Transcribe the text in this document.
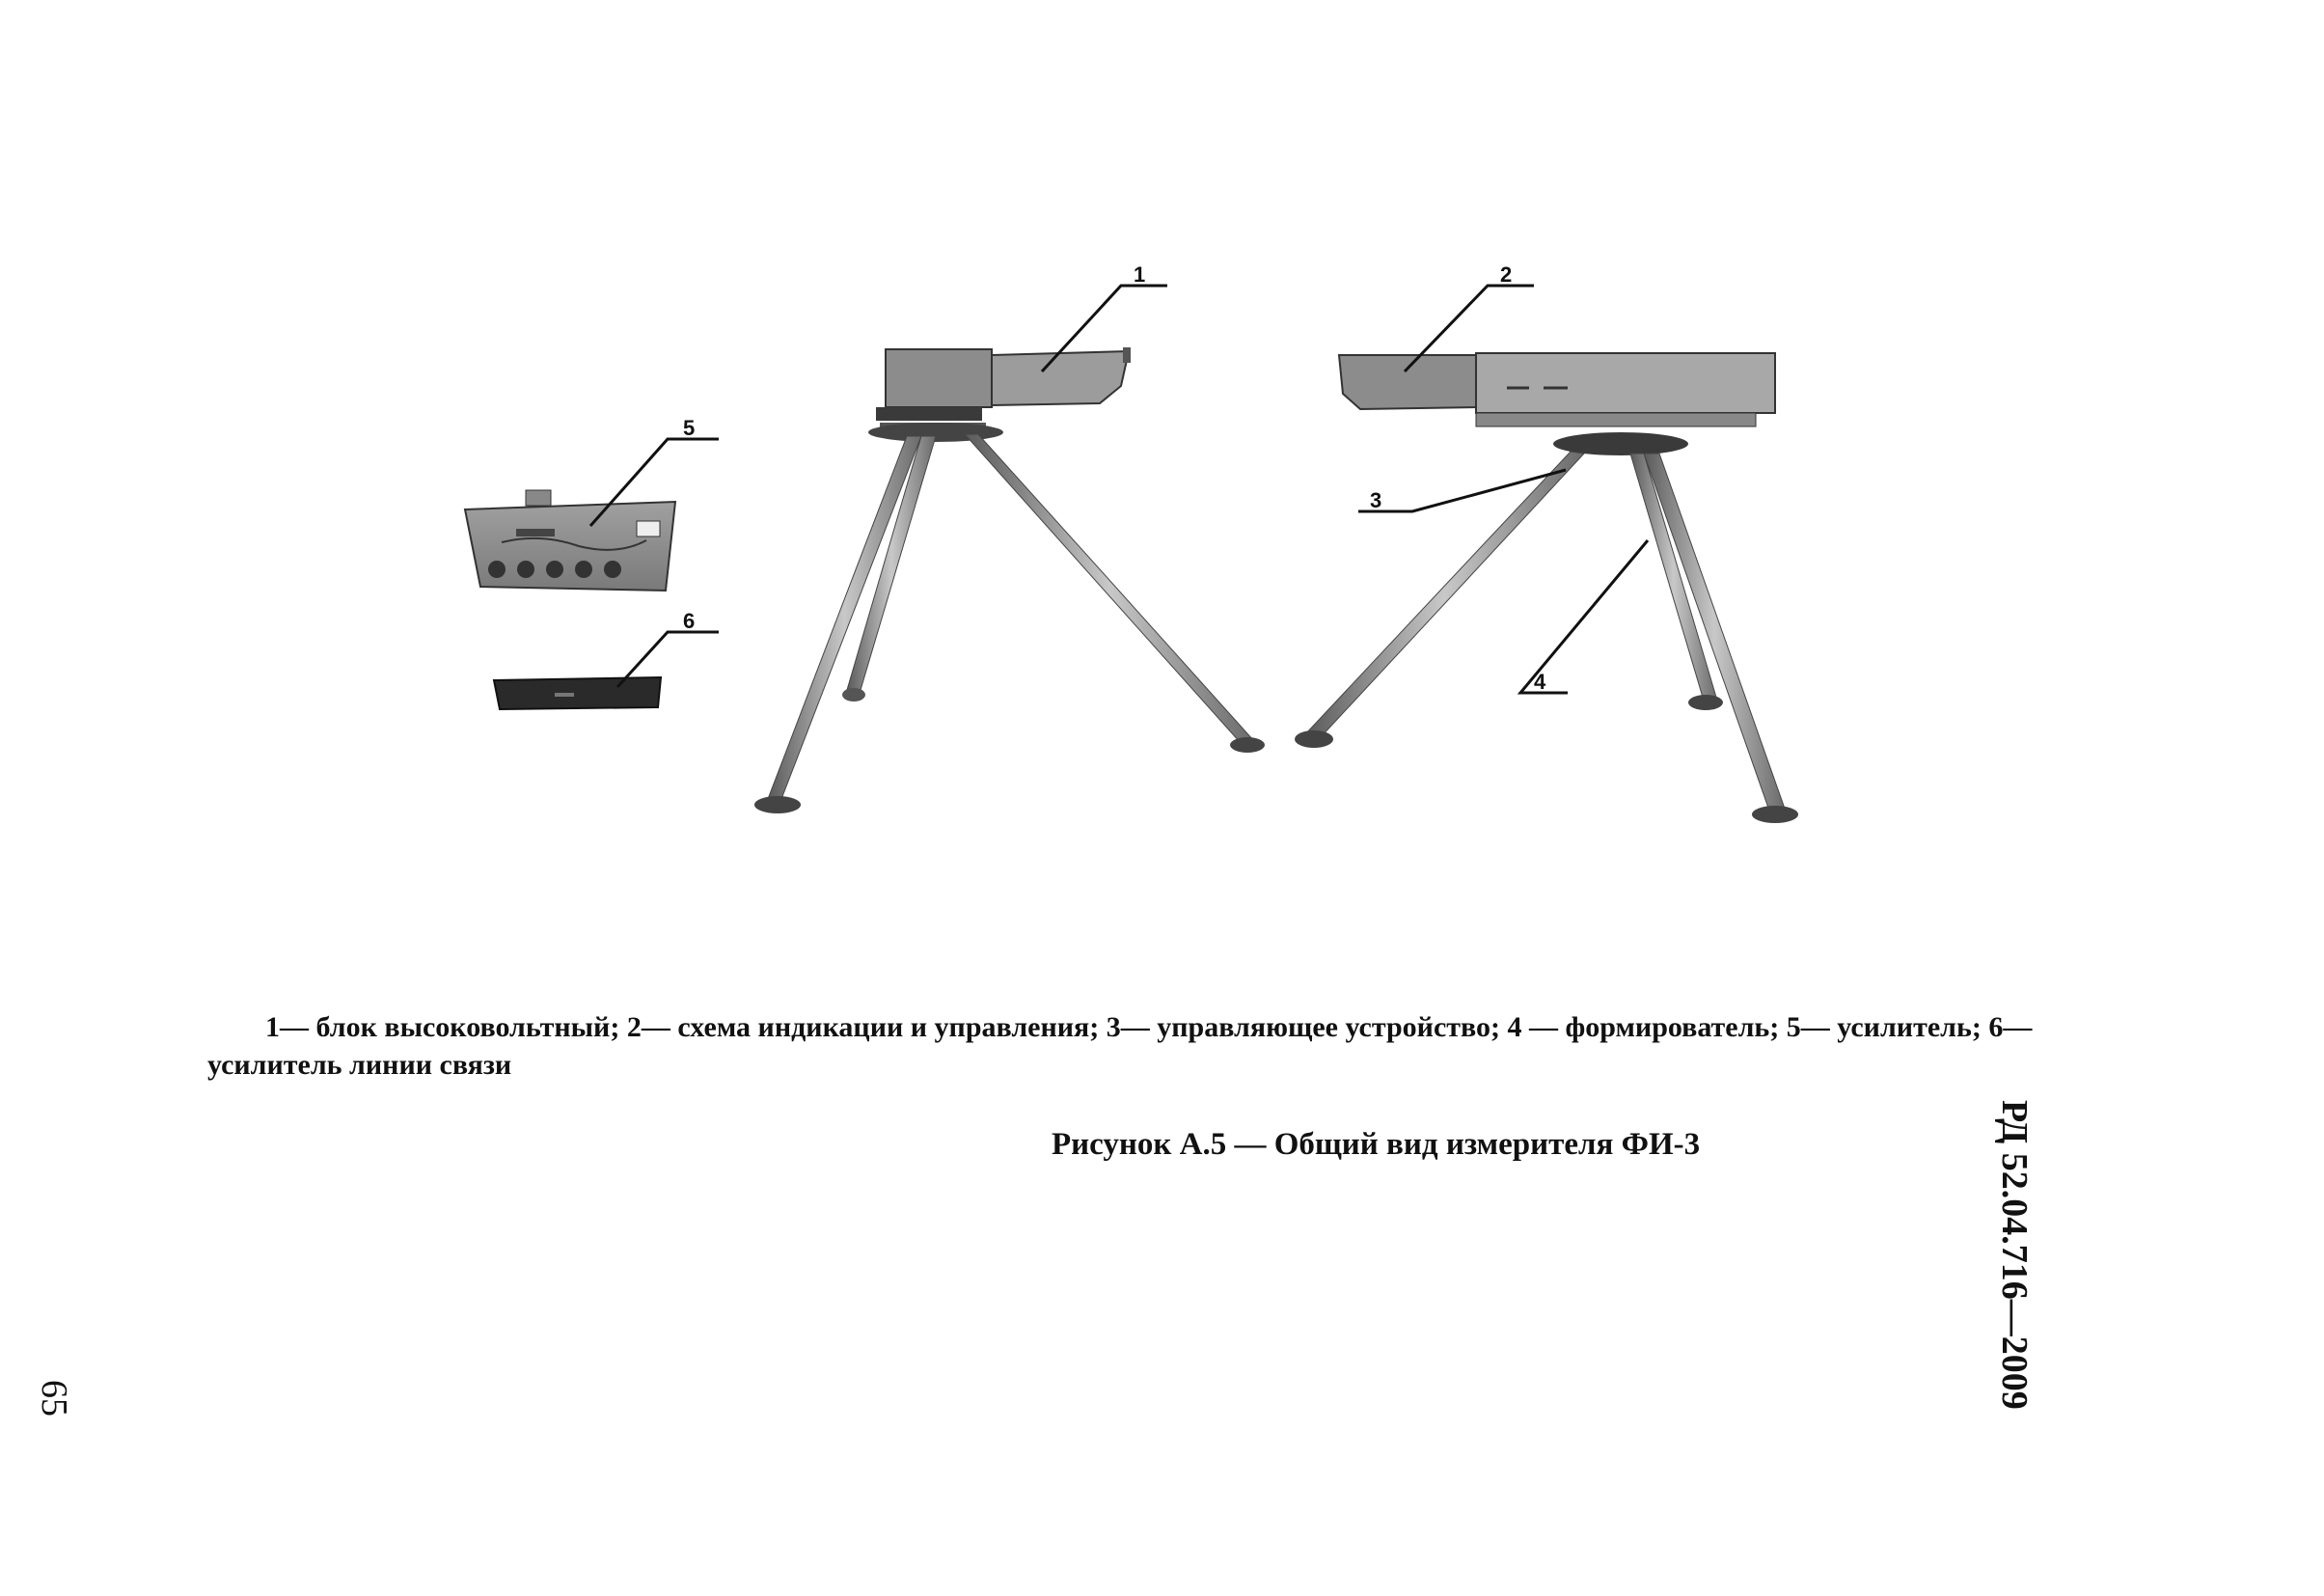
1	2
3
4
5
6
1— блок высоковольтный; 2— схема индикации и управления; 3— управляющее устройство; 4 — формирователь; 5— усилитель; 6— усилитель линии связи
Рисунок А.5 — Общий вид измерителя ФИ-3	РД 52.04.716—2009
65
